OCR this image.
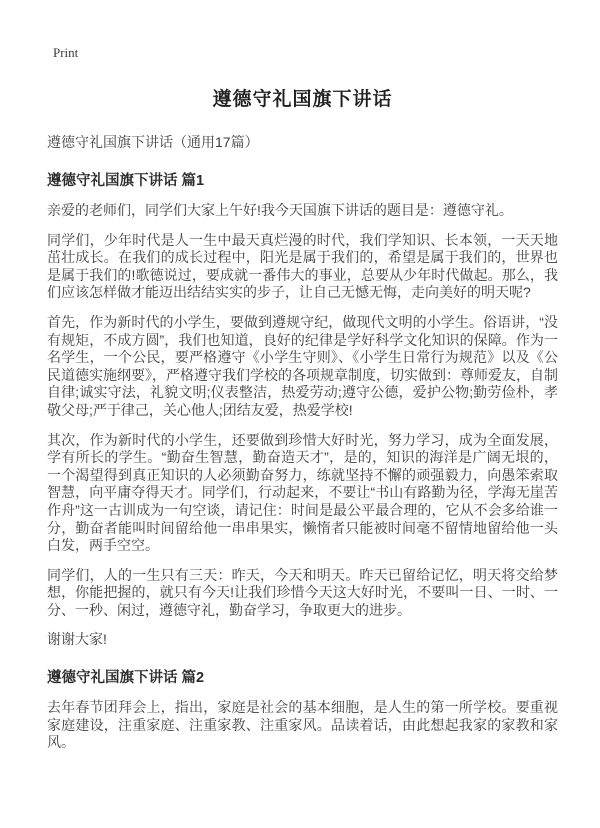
Print
遵德守礼国旗下讲话
遵德守礼国旗下讲话（通用17篇）
遵德守礼国旗下讲话 篇1

亲爱的老师们，同学们大家上午好!我今天国旗下讲话的题目是：遵德守礼。

同学们，少年时代是人一生中最天真烂漫的时代，我们学知识、长本领，一天天地茁壮成长。在我们的成长过程中，阳光是属于我们的，希望是属于我们的，世界也是属于我们的!歌德说过，要成就一番伟大的事业，总要从少年时代做起。那么，我们应该怎样做才能迈出结结实实的步子，让自己无憾无悔，走向美好的明天呢?

首先，作为新时代的小学生，要做到遵规守纪，做现代文明的小学生。俗语讲，“没有规矩，不成方圆”，我们也知道，良好的纪律是学好科学文化知识的保障。作为一名学生，一个公民，要严格遵守《小学生守则》、《小学生日常行为规范》以及《公民道德实施纲要》，严格遵守我们学校的各项规章制度，切实做到：尊师爱友，自制自律;诚实守法，礼貌文明;仪表整洁，热爱劳动;遵守公德，爱护公物;勤劳俭朴，孝敬父母;严于律己，关心他人;团结友爱，热爱学校!

其次，作为新时代的小学生，还要做到珍惜大好时光，努力学习，成为全面发展，学有所长的学生。“勤奋生智慧，勤奋造天才”，是的，知识的海洋是广阔无垠的，一个渴望得到真正知识的人必须勤奋努力，练就坚持不懈的顽强毅力，向愚笨索取智慧，向平庸夺得天才。同学们，行动起来，不要让“书山有路勤为径，学海无崖苦作舟”这一古训成为一句空谈，请记住：时间是最公平最合理的，它从不会多给谁一分，勤奋者能叫时间留给他一串串果实，懒惰者只能被时间毫不留情地留给他一头白发，两手空空。

同学们，人的一生只有三天：昨天，今天和明天。昨天已留给记忆，明天将交给梦想，你能把握的，就只有今天!让我们珍惜今天这大好时光，不要叫一日、一时、一分、一秒、闲过，遵德守礼，勤奋学习，争取更大的进步。

谢谢大家!

遵德守礼国旗下讲话 篇2

去年春节团拜会上，指出，家庭是社会的基本细胞，是人生的第一所学校。要重视家庭建设，注重家庭、注重家教、注重家风。品读着话，由此想起我家的家教和家风。
